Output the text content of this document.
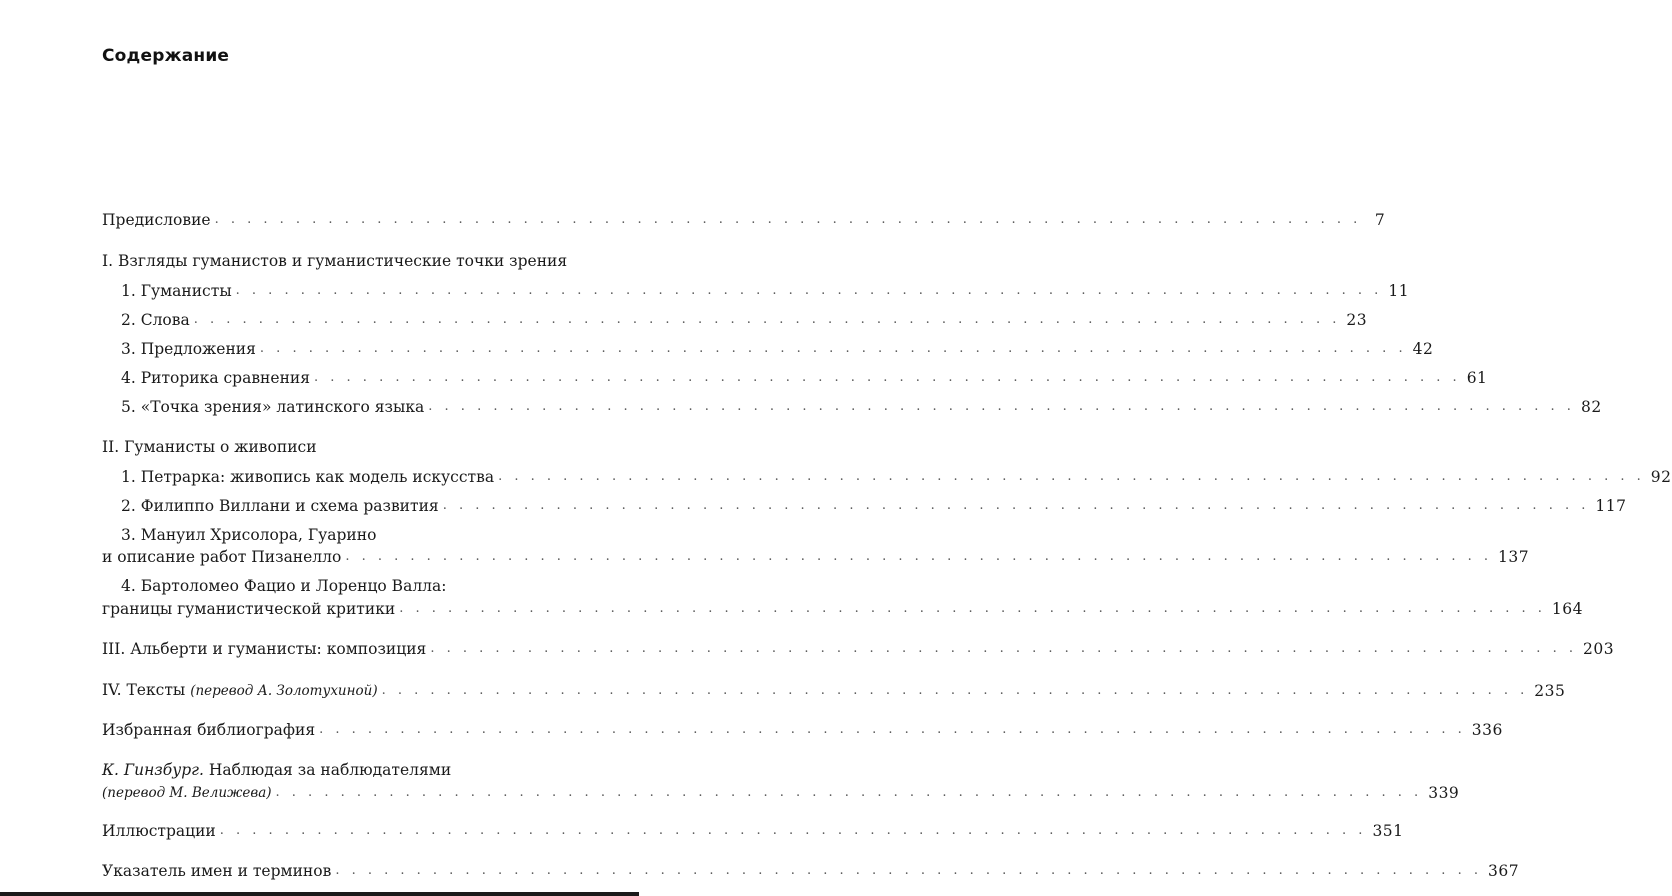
Содержание
Предисловие . . . . . . . . . . . . . . . . . . . . . . . . . . . . . . . . . . . . . . . . . . . . . . . . . . . . . . . . . . . . . . . . . . . . . . . 7
I. Взгляды гуманистов и гуманистические точки зрения
1. Гуманисты . . . . . . . . . . . . . . . . . . . . . . . . . . . . . . . . . . . . . . . . . . . . . . . . . . . . . . . . . . . . . . . . . . . . . . . 11
2. Слова . . . . . . . . . . . . . . . . . . . . . . . . . . . . . . . . . . . . . . . . . . . . . . . . . . . . . . . . . . . . . . . . . . . . . . . 23
3. Предложения . . . . . . . . . . . . . . . . . . . . . . . . . . . . . . . . . . . . . . . . . . . . . . . . . . . . . . . . . . . . . . . . . . . . . . . 42
4. Риторика сравнения . . . . . . . . . . . . . . . . . . . . . . . . . . . . . . . . . . . . . . . . . . . . . . . . . . . . . . . . . . . . . . . . . . . . . . . 61
5. «Точка зрения» латинского языка . . . . . . . . . . . . . . . . . . . . . . . . . . . . . . . . . . . . . . . . . . . . . . . . . . . . . . . . . . . . . . . . . . . . . . . 82
II. Гуманисты о живописи
1. Петрарка: живопись как модель искусства . . . . . . . . . . . . . . . . . . . . . . . . . . . . . . . . . . . . . . . . . . . . . . . . . . . . . . . . . . . . . . . . . . . . . . . 92
2. Филиппо Виллани и схема развития . . . . . . . . . . . . . . . . . . . . . . . . . . . . . . . . . . . . . . . . . . . . . . . . . . . . . . . . . . . . . . . . . . . . . . . 117
3. Мануил Хрисолора, Гуарино
и описание работ Пизанелло . . . . . . . . . . . . . . . . . . . . . . . . . . . . . . . . . . . . . . . . . . . . . . . . . . . . . . . . . . . . . . . . . . . . . . . 137
4. Бартоломео Фацио и Лоренцо Валла:
границы гуманистической критики . . . . . . . . . . . . . . . . . . . . . . . . . . . . . . . . . . . . . . . . . . . . . . . . . . . . . . . . . . . . . . . . . . . . . . . 164
III. Альберти и гуманисты: композиция . . . . . . . . . . . . . . . . . . . . . . . . . . . . . . . . . . . . . . . . . . . . . . . . . . . . . . . . . . . . . . . . . . . . . . . 203
IV. Тексты (перевод А. Золотухиной) . . . . . . . . . . . . . . . . . . . . . . . . . . . . . . . . . . . . . . . . . . . . . . . . . . . . . . . . . . . . . . . . . . . . . . . 235
Избранная библиография . . . . . . . . . . . . . . . . . . . . . . . . . . . . . . . . . . . . . . . . . . . . . . . . . . . . . . . . . . . . . . . . . . . . . . . 336
К. Гинзбург. Наблюдая за наблюдателями
(перевод М. Велижева) . . . . . . . . . . . . . . . . . . . . . . . . . . . . . . . . . . . . . . . . . . . . . . . . . . . . . . . . . . . . . . . . . . . . . . . 339
Иллюстрации . . . . . . . . . . . . . . . . . . . . . . . . . . . . . . . . . . . . . . . . . . . . . . . . . . . . . . . . . . . . . . . . . . . . . . . 351
Указатель имен и терминов . . . . . . . . . . . . . . . . . . . . . . . . . . . . . . . . . . . . . . . . . . . . . . . . . . . . . . . . . . . . . . . . . . . . . . . 367
